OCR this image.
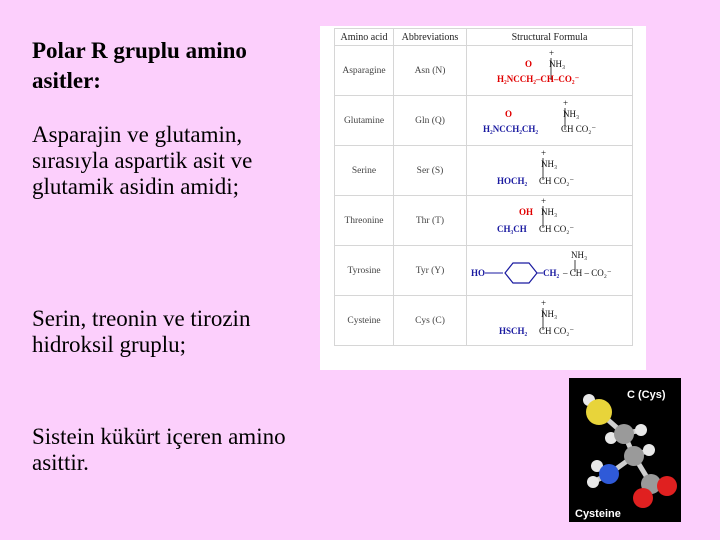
Polar R gruplu amino asitler:
Asparajin ve glutamin, sırasıyla aspartik asit ve glutamik asidin amidi;
Serin, treonin ve tirozin hidroksil gruplu;
Sistein kükürt içeren amino asittir.
Amino acid	Abbreviations	Structural Formula
Asparagine	Asn (N)	+
O NH₃
H₂NCCH₂–CH–CO₂⁻

Glutamine	Gln (Q)	+
O NH₃
H₂NCCH₂CH₂ CH CO₂⁻

Serine	Ser (S)	+
NH₃
HOCH₂ CH CO₂⁻

Threonine	Thr (T)	+
OH NH₃
CH₃CH CH CO₂⁻

Tyrosine	Tyr (Y)	NH₃
HO CH₂ – CH – CO₂⁻

Cysteine	Cys (C)	+
NH₃
HSCH₂ CH CO₂⁻
C (Cys)
Cysteine
